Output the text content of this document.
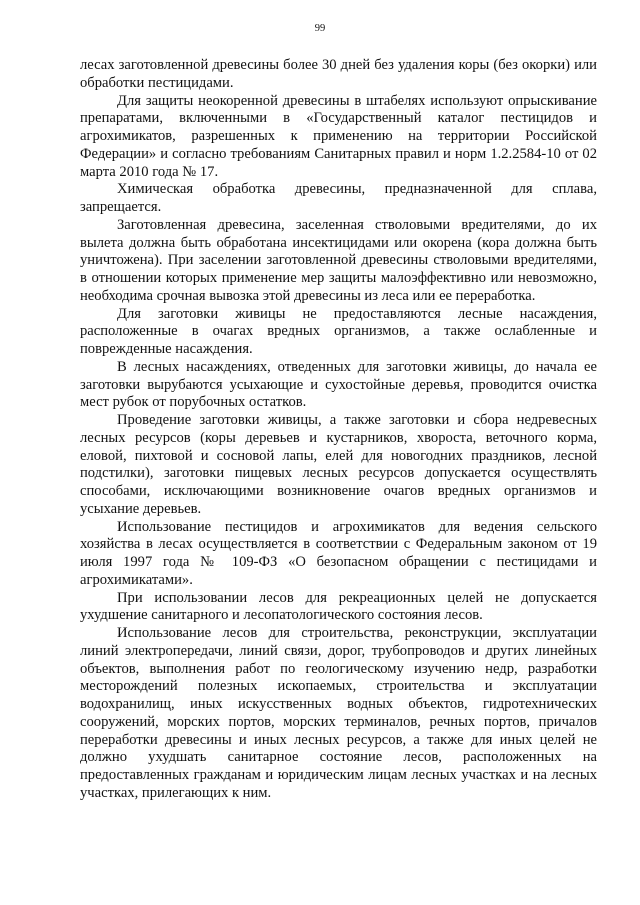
99

лесах заготовленной древесины более 30 дней без удаления коры (без окорки) или обработки пестицидами.

Для защиты неокоренной древесины в штабелях используют опрыскивание препаратами, включенными в «Государственный каталог пестицидов и агрохимикатов, разрешенных к применению на территории Российской Федерации» и согласно требованиям Санитарных правил и норм 1.2.2584-10 от 02 марта 2010 года № 17.

Химическая обработка древесины, предназначенной для сплава, запрещается.

Заготовленная древесина, заселенная стволовыми вредителями, до их вылета должна быть обработана инсектицидами или окорена (кора должна быть уничтожена). При заселении заготовленной древесины стволовыми вредителями, в отношении которых применение мер защиты малоэффективно или невозможно, необходима срочная вывозка этой древесины из леса или ее переработка.

Для заготовки живицы не предоставляются лесные насаждения, расположенные в очагах вредных организмов, а также ослабленные и поврежденные насаждения.

В лесных насаждениях, отведенных для заготовки живицы, до начала ее заготовки вырубаются усыхающие и сухостойные деревья, проводится очистка мест рубок от порубочных остатков.

Проведение заготовки живицы, а также заготовки и сбора недревесных лесных ресурсов (коры деревьев и кустарников, хвороста, веточного корма, еловой, пихтовой и сосновой лапы, елей для новогодних праздников, лесной подстилки), заготовки пищевых лесных ресурсов допускается осуществлять способами, исключающими возникновение очагов вредных организмов и усыхание деревьев.

Использование пестицидов и агрохимикатов для ведения сельского хозяйства в лесах осуществляется в соответствии с Федеральным законом от 19 июля 1997 года № 109-ФЗ «О безопасном обращении с пестицидами и агрохимикатами».

При использовании лесов для рекреационных целей не допускается ухудшение санитарного и лесопатологического состояния лесов.

Использование лесов для строительства, реконструкции, эксплуатации линий электропередачи, линий связи, дорог, трубопроводов и других линейных объектов, выполнения работ по геологическому изучению недр, разработки месторождений полезных ископаемых, строительства и эксплуатации водохранилищ, иных искусственных водных объектов, гидротехнических сооружений, морских портов, морских терминалов, речных портов, причалов переработки древесины и иных лесных ресурсов, а также для иных целей не должно ухудшать санитарное состояние лесов, расположенных на предоставленных гражданам и юридическим лицам лесных участках и на лесных участках, прилегающих к ним.
